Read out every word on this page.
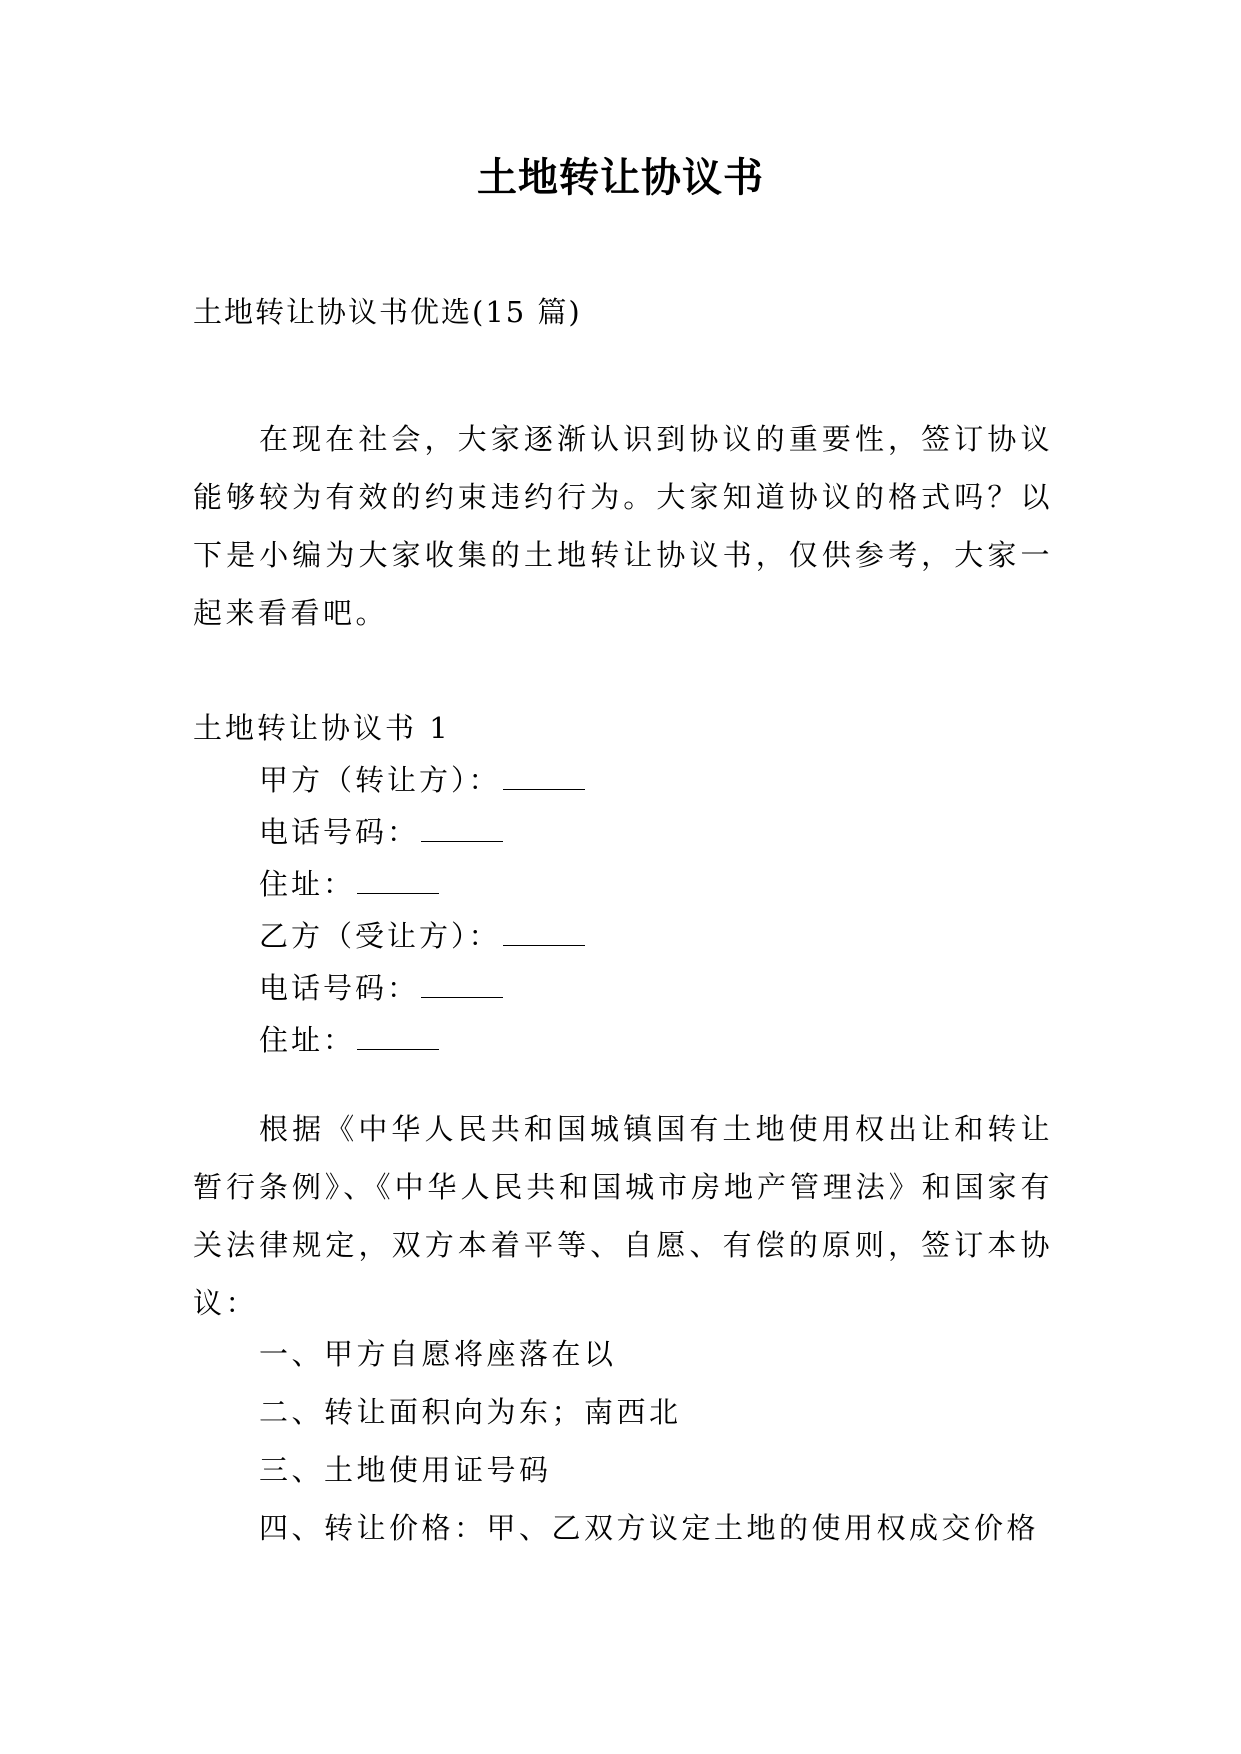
土地转让协议书
土地转让协议书优选(15 篇)

在现在社会，大家逐渐认识到协议的重要性，签订协议能够较为有效的约束违约行为。大家知道协议的格式吗？以下是小编为大家收集的土地转让协议书，仅供参考，大家一起来看看吧。

土地转让协议书 1
甲方（转让方）：
电话号码：
住址：
乙方（受让方）：
电话号码：
住址：

根据《中华人民共和国城镇国有土地使用权出让和转让暂行条例》、《中华人民共和国城市房地产管理法》和国家有关法律规定，双方本着平等、自愿、有偿的原则，签订本协议：

一、甲方自愿将座落在以
二、转让面积向为东；南西北
三、土地使用证号码
四、转让价格：甲、乙双方议定土地的使用权成交价格
